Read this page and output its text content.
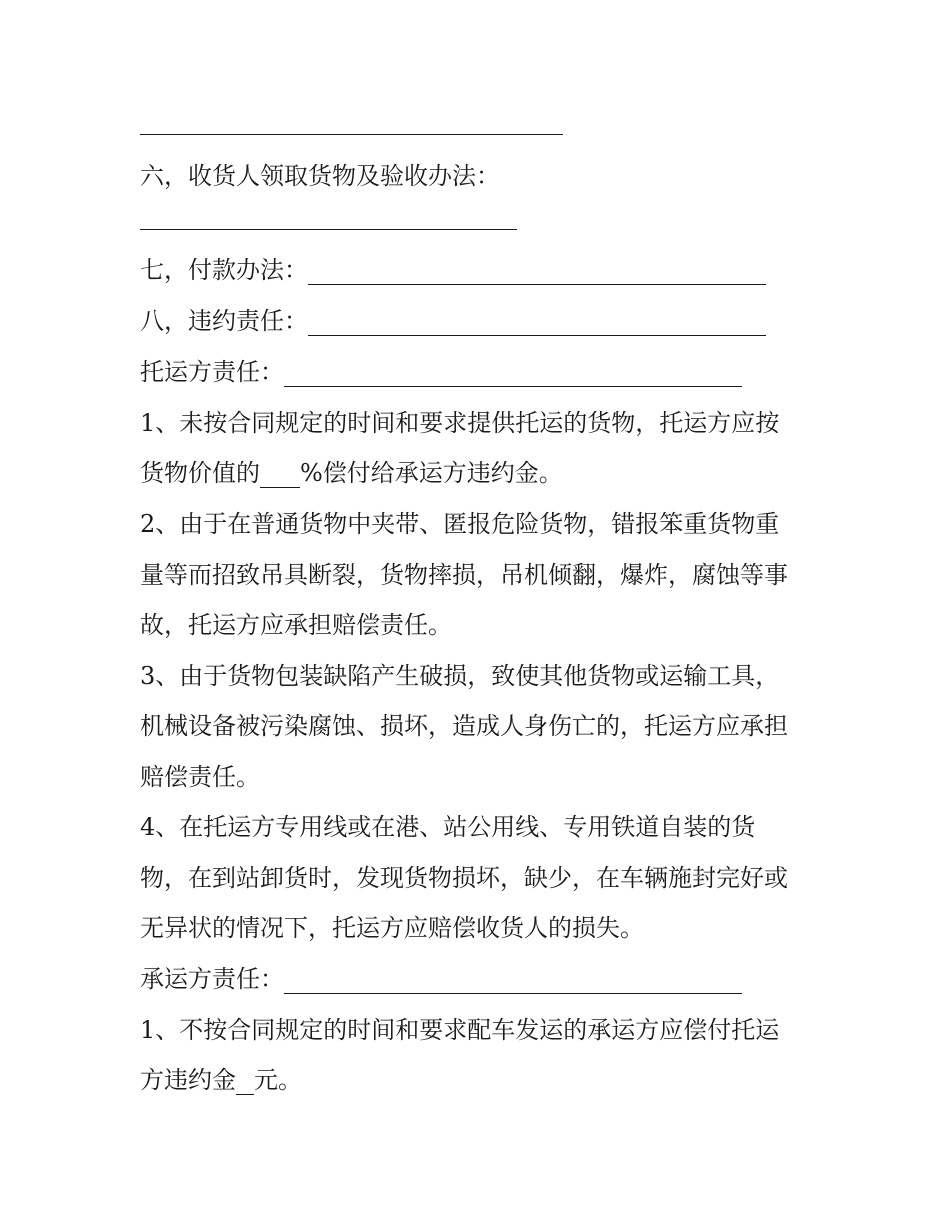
六，收货人领取货物及验收办法：
七，付款办法：
八，违约责任：
托运方责任：
1、未按合同规定的时间和要求提供托运的货物，托运方应按
货物价值的 %偿付给承运方违约金。
2、由于在普通货物中夹带、匿报危险货物，错报笨重货物重
量等而招致吊具断裂，货物摔损，吊机倾翻，爆炸，腐蚀等事
故，托运方应承担赔偿责任。
3、由于货物包装缺陷产生破损，致使其他货物或运输工具，
机械设备被污染腐蚀、损坏，造成人身伤亡的，托运方应承担
赔偿责任。
4、在托运方专用线或在港、站公用线、专用铁道自装的货
物，在到站卸货时，发现货物损坏，缺少，在车辆施封完好或
无异状的情况下，托运方应赔偿收货人的损失。
承运方责任：
1、不按合同规定的时间和要求配车发运的承运方应偿付托运
方违约金 元。
